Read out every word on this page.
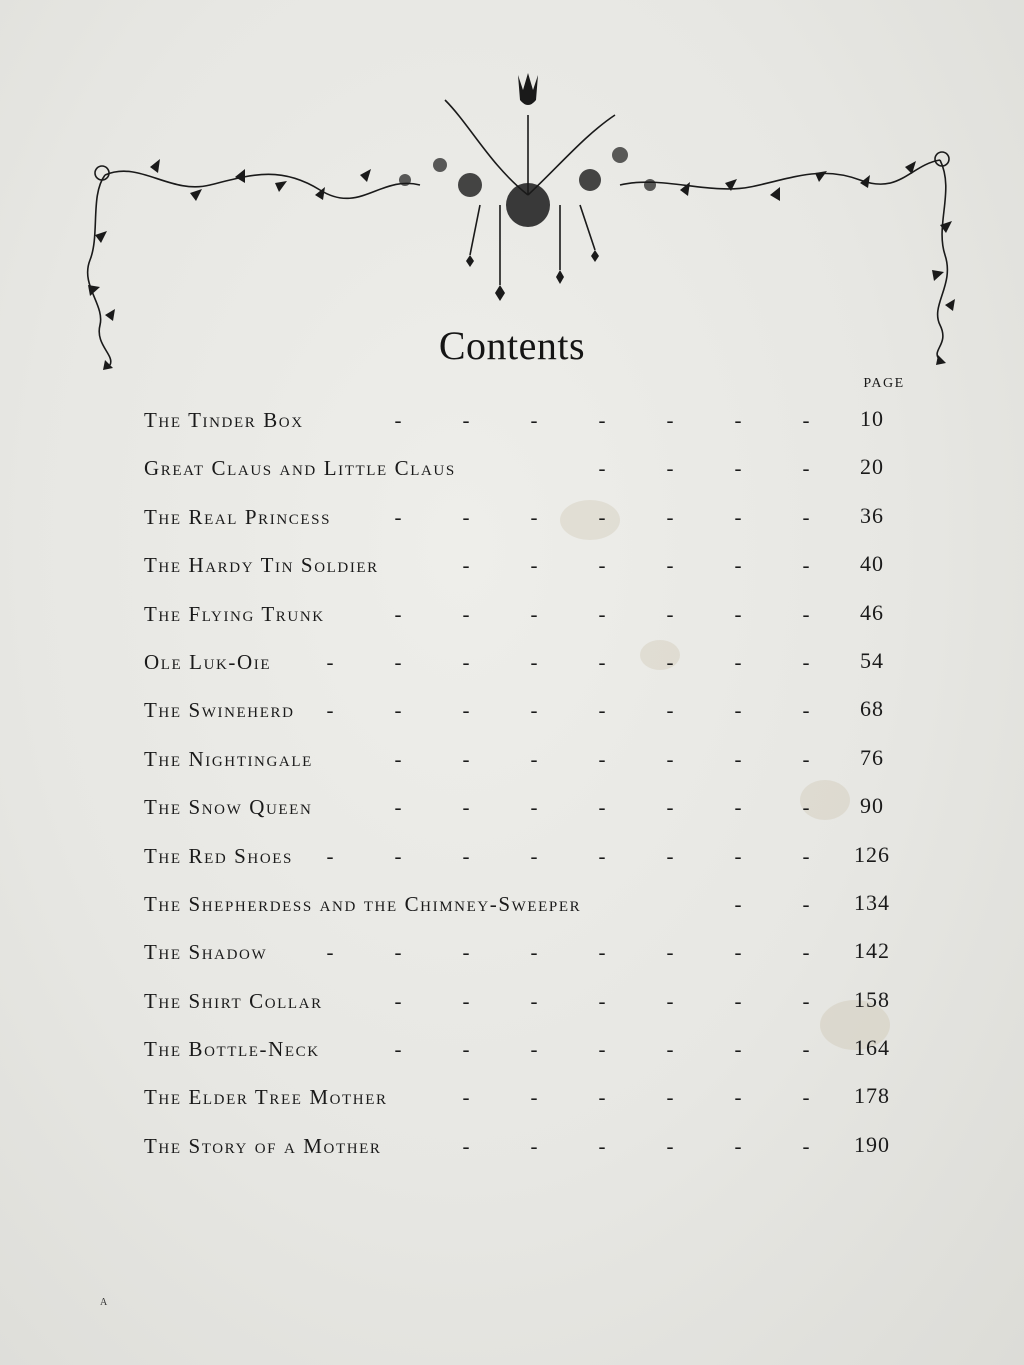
Contents
PAGE
-	-	-	-	-	-	-
The Tinder Box	10
-	-	-	-
Great Claus and Little Claus	20
-	-	-	-	-	-	-
The Real Princess	36
-	-	-	-	-	-
The Hardy Tin Soldier	40
-	-	-	-	-	-	-
The Flying Trunk	46
-	-	-	-	-	-	-	-
Ole Luk-Oie	54
-	-	-	-	-	-	-	-
The Swineherd	68
-	-	-	-	-	-	-
The Nightingale	76
-	-	-	-	-	-	-
The Snow Queen	90
-	-	-	-	-	-	-	-
The Red Shoes	126
-	-
The Shepherdess and the Chimney-Sweeper	134
-	-	-	-	-	-	-	-
The Shadow	142
-	-	-	-	-	-	-
The Shirt Collar	158
-	-	-	-	-	-	-
The Bottle-Neck	164
-	-	-	-	-	-
The Elder Tree Mother	178
-	-	-	-	-	-
The Story of a Mother	190
A
